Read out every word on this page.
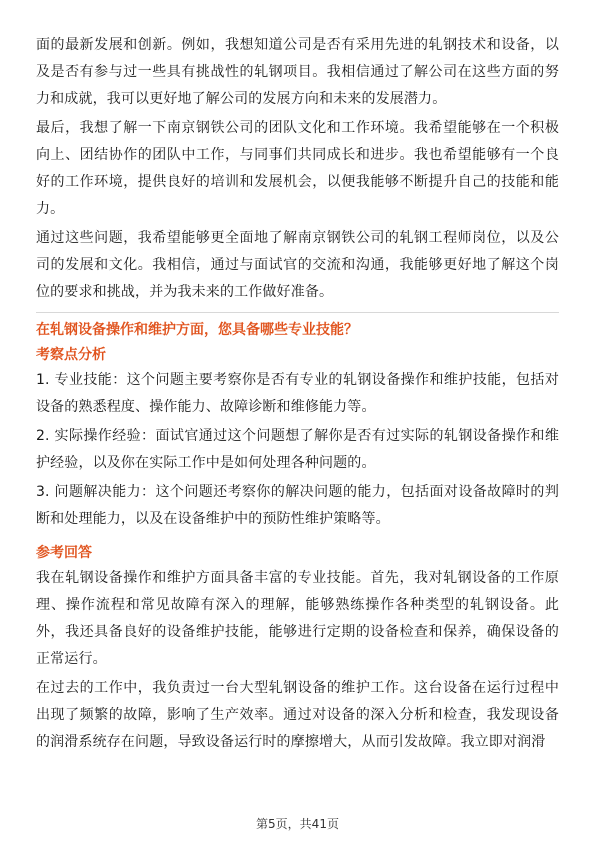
面的最新发展和创新。例如，我想知道公司是否有采用先进的轧钢技术和设备，以及是否有参与过一些具有挑战性的轧钢项目。我相信通过了解公司在这些方面的努力和成就，我可以更好地了解公司的发展方向和未来的发展潜力。

最后，我想了解一下南京钢铁公司的团队文化和工作环境。我希望能够在一个积极向上、团结协作的团队中工作，与同事们共同成长和进步。我也希望能够有一个良好的工作环境，提供良好的培训和发展机会，以便我能够不断提升自己的技能和能力。

通过这些问题，我希望能够更全面地了解南京钢铁公司的轧钢工程师岗位，以及公司的发展和文化。我相信，通过与面试官的交流和沟通，我能够更好地了解这个岗位的要求和挑战，并为我未来的工作做好准备。

在轧钢设备操作和维护方面，您具备哪些专业技能？

考察点分析

1. 专业技能：这个问题主要考察你是否有专业的轧钢设备操作和维护技能，包括对设备的熟悉程度、操作能力、故障诊断和维修能力等。

2. 实际操作经验：面试官通过这个问题想了解你是否有过实际的轧钢设备操作和维护经验，以及你在实际工作中是如何处理各种问题的。

3. 问题解决能力：这个问题还考察你的解决问题的能力，包括面对设备故障时的判断和处理能力，以及在设备维护中的预防性维护策略等。

参考回答

我在轧钢设备操作和维护方面具备丰富的专业技能。首先，我对轧钢设备的工作原理、操作流程和常见故障有深入的理解，能够熟练操作各种类型的轧钢设备。此外，我还具备良好的设备维护技能，能够进行定期的设备检查和保养，确保设备的正常运行。

在过去的工作中，我负责过一台大型轧钢设备的维护工作。这台设备在运行过程中出现了频繁的故障，影响了生产效率。通过对设备的深入分析和检查，我发现设备的润滑系统存在问题，导致设备运行时的摩擦增大，从而引发故障。我立即对润滑

第5页，共41页
